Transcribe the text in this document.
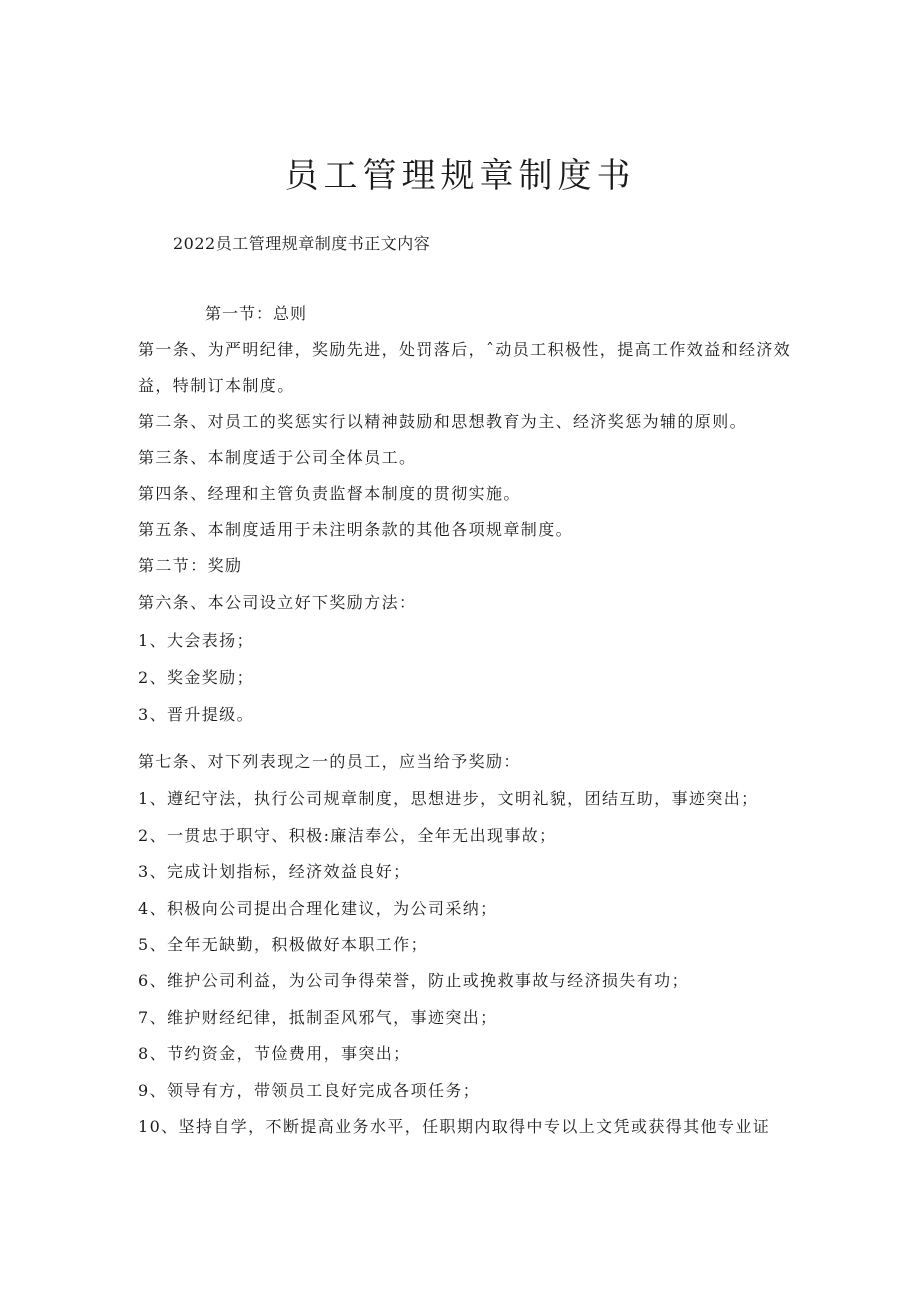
员工管理规章制度书
2022员工管理规章制度书正文内容
第一节：总则
第一条、为严明纪律，奖励先进，处罚落后，ˆ动员工积极性，提高工作效益和经济效
益，特制订本制度。
第二条、对员工的奖惩实行以精神鼓励和思想教育为主、经济奖惩为辅的原则。
第三条、本制度适于公司全体员工。
第四条、经理和主管负责监督本制度的贯彻实施。
第五条、本制度适用于未注明条款的其他各项规章制度。
第二节：奖励
第六条、本公司设立好下奖励方法：
1、大会表扬；
2、奖金奖励；
3、晋升提级。
第七条、对下列表现之一的员工，应当给予奖励：
1、遵纪守法，执行公司规章制度，思想进步，文明礼貌，团结互助，事迹突出；
2、一贯忠于职守、积极:廉洁奉公，全年无出现事故；
3、完成计划指标，经济效益良好；
4、积极向公司提出合理化建议，为公司采纳；
5、全年无缺勤，积极做好本职工作；
6、维护公司利益，为公司争得荣誉，防止或挽救事故与经济损失有功；
7、维护财经纪律，抵制歪风邪气，事迹突出；
8、节约资金，节俭费用，事突出；
9、领导有方，带领员工良好完成各项任务；
10、坚持自学，不断提高业务水平，任职期内取得中专以上文凭或获得其他专业证
